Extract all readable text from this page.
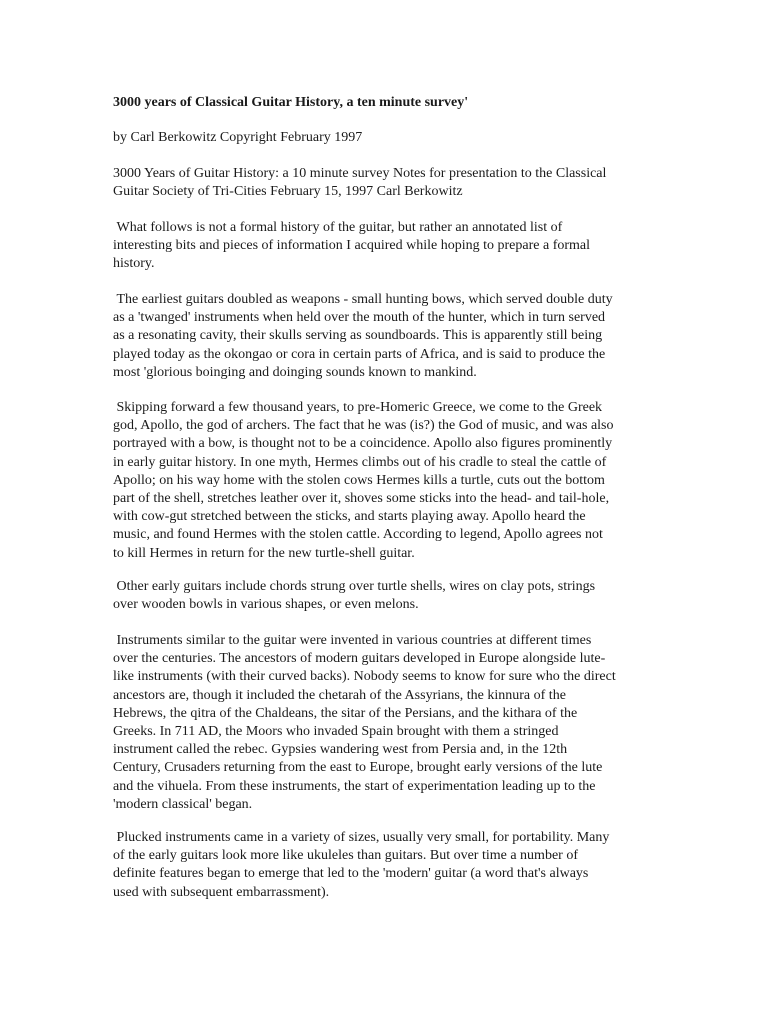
3000 years of Classical Guitar History, a ten minute survey'

by Carl Berkowitz Copyright February 1997

3000 Years of Guitar History: a 10 minute survey Notes for presentation to the Classical
Guitar Society of Tri-Cities February 15, 1997 Carl Berkowitz

What follows is not a formal history of the guitar, but rather an annotated list of
interesting bits and pieces of information I acquired while hoping to prepare a formal
history.

The earliest guitars doubled as weapons - small hunting bows, which served double duty
as a 'twanged' instruments when held over the mouth of the hunter, which in turn served
as a resonating cavity, their skulls serving as soundboards. This is apparently still being
played today as the okongao or cora in certain parts of Africa, and is said to produce the
most 'glorious boinging and doinging sounds known to mankind.

Skipping forward a few thousand years, to pre-Homeric Greece, we come to the Greek
god, Apollo, the god of archers. The fact that he was (is?) the God of music, and was also
portrayed with a bow, is thought not to be a coincidence. Apollo also figures prominently
in early guitar history. In one myth, Hermes climbs out of his cradle to steal the cattle of
Apollo; on his way home with the stolen cows Hermes kills a turtle, cuts out the bottom
part of the shell, stretches leather over it, shoves some sticks into the head- and tail-hole,
with cow-gut stretched between the sticks, and starts playing away. Apollo heard the
music, and found Hermes with the stolen cattle. According to legend, Apollo agrees not
to kill Hermes in return for the new turtle-shell guitar.

Other early guitars include chords strung over turtle shells, wires on clay pots, strings
over wooden bowls in various shapes, or even melons.

Instruments similar to the guitar were invented in various countries at different times
over the centuries. The ancestors of modern guitars developed in Europe alongside lute-
like instruments (with their curved backs). Nobody seems to know for sure who the direct
ancestors are, though it included the chetarah of the Assyrians, the kinnura of the
Hebrews, the qitra of the Chaldeans, the sitar of the Persians, and the kithara of the
Greeks. In 711 AD, the Moors who invaded Spain brought with them a stringed
instrument called the rebec. Gypsies wandering west from Persia and, in the 12th
Century, Crusaders returning from the east to Europe, brought early versions of the lute
and the vihuela. From these instruments, the start of experimentation leading up to the
'modern classical' began.

Plucked instruments came in a variety of sizes, usually very small, for portability. Many
of the early guitars look more like ukuleles than guitars. But over time a number of
definite features began to emerge that led to the 'modern' guitar (a word that's always
used with subsequent embarrassment).
